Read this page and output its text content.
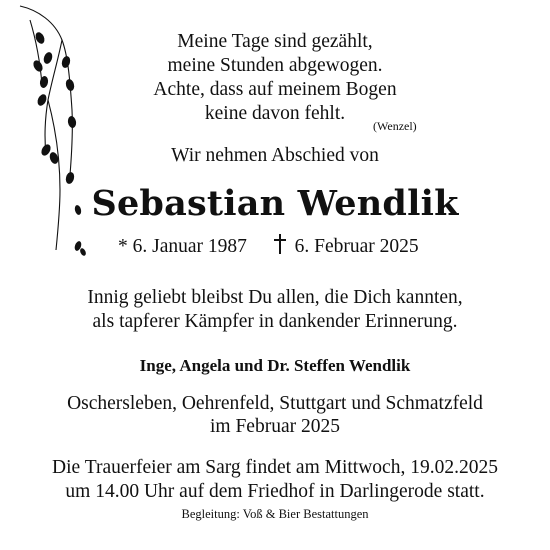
Meine Tage sind gezählt,
meine Stunden abgewogen.
Achte, dass auf meinem Bogen
keine davon fehlt.
(Wenzel)
Wir nehmen Abschied von
Sebastian Wendlik
* 6. Januar 1987 6. Februar 2025
Innig geliebt bleibst Du allen, die Dich kannten,
als tapferer Kämpfer in dankender Erinnerung.
Inge, Angela und Dr. Steffen Wendlik
Oschersleben, Oehrenfeld, Stuttgart und Schmatzfeld
im Februar 2025
Die Trauerfeier am Sarg findet am Mittwoch, 19.02.2025
um 14.00 Uhr auf dem Friedhof in Darlingerode statt.
Begleitung: Voß & Bier Bestattungen
